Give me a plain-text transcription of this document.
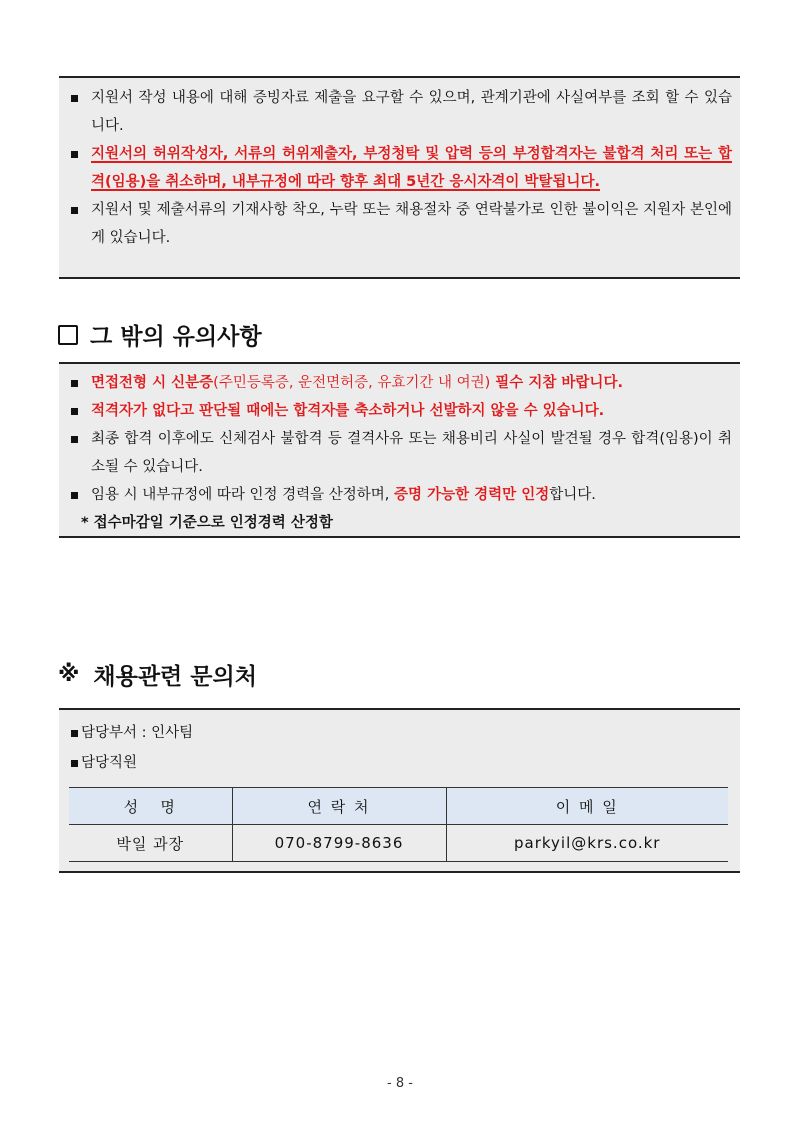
지원서 작성 내용에 대해 증빙자료 제출을 요구할 수 있으며, 관계기관에 사실여부를 조회 할 수 있습니다.
지원서의 허위작성자, 서류의 허위제출자, 부정청탁 및 압력 등의 부정합격자는 불합격 처리 또는 합격(임용)을 취소하며, 내부규정에 따라 향후 최대 5년간 응시자격이 박탈됩니다.
지원서 및 제출서류의 기재사항 착오, 누락 또는 채용절차 중 연락불가로 인한 불이익은 지원자 본인에게 있습니다.
그 밖의 유의사항
면접전형 시 신분증(주민등록증, 운전면허증, 유효기간 내 여권) 필수 지참 바랍니다.
적격자가 없다고 판단될 때에는 합격자를 축소하거나 선발하지 않을 수 있습니다.
최종 합격 이후에도 신체검사 불합격 등 결격사유 또는 채용비리 사실이 발견될 경우 합격(임용)이 취소될 수 있습니다.
임용 시 내부규정에 따라 인정 경력을 산정하며, 증명 가능한 경력만 인정합니다.
* 접수마감일 기준으로 인정경력 산정함
※ 채용관련 문의처
담당부서 : 인사팀
담당직원
성   명	연 락 처	이 메 일
박일 과장	070-8799-8636	parkyil@krs.co.kr
- 8 -
